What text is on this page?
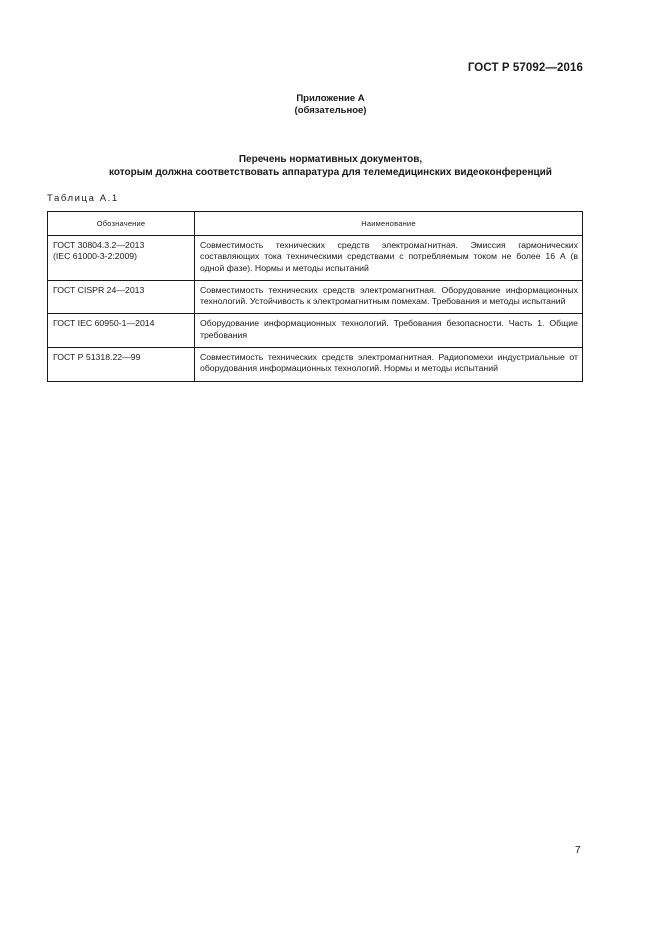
ГОСТ Р 57092—2016
Приложение А
(обязательное)
Перечень нормативных документов,
которым должна соответствовать аппаратура для телемедицинских видеоконференций
Таблица А.1
Обозначение	Наименование

ГОСТ 30804.3.2—2013
(IEC 61000-3-2:2009)	Совместимость технических средств электромагнитная. Эмиссия гармонических составляющих тока техническими средствами с потребляемым током не более 16 А (в одной фазе). Нормы и методы испытаний

ГОСТ CISPR 24—2013	Совместимость технических средств электромагнитная. Оборудование информационных технологий. Устойчивость к электромагнитным помехам. Требования и методы испытаний

ГОСТ IEC 60950-1—2014	Оборудование информационных технологий. Требования безопасности. Часть 1. Общие требования

ГОСТ Р 51318.22—99	Совместимость технических средств электромагнитная. Радиопомехи индустриальные от оборудования информационных технологий. Нормы и методы испытаний
7
